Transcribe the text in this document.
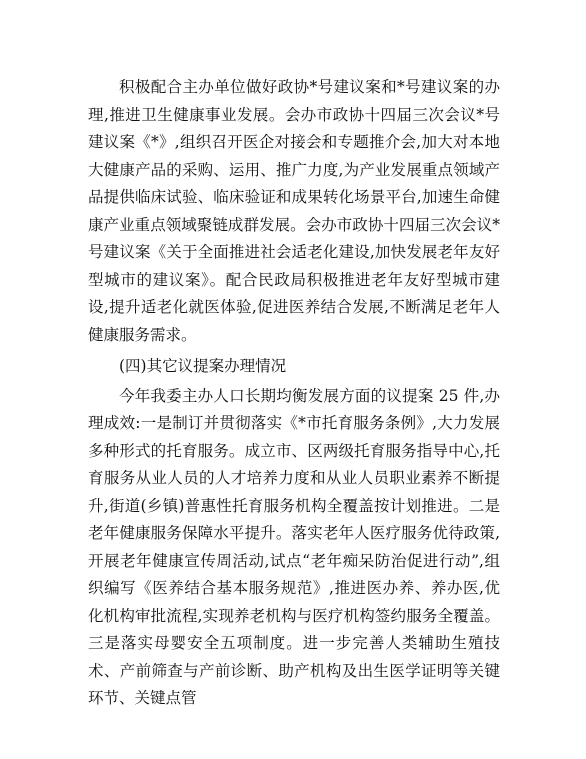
积极配合主办单位做好政协*号建议案和*号建议案的办理,推进卫生健康事业发展。会办市政协十四届三次会议*号建议案《*》,组织召开医企对接会和专题推介会,加大对本地大健康产品的采购、运用、推广力度,为产业发展重点领域产品提供临床试验、临床验证和成果转化场景平台,加速生命健康产业重点领域聚链成群发展。会办市政协十四届三次会议*号建议案《关于全面推进社会适老化建设,加快发展老年友好型城市的建议案》。配合民政局积极推进老年友好型城市建设,提升适老化就医体验,促进医养结合发展,不断满足老年人健康服务需求。

(四)其它议提案办理情况

今年我委主办人口长期均衡发展方面的议提案 25 件,办理成效:一是制订并贯彻落实《*市托育服务条例》,大力发展多种形式的托育服务。成立市、区两级托育服务指导中心,托育服务从业人员的人才培养力度和从业人员职业素养不断提升,街道(乡镇)普惠性托育服务机构全覆盖按计划推进。二是老年健康服务保障水平提升。落实老年人医疗服务优待政策,开展老年健康宣传周活动,试点“老年痴呆防治促进行动”,组织编写《医养结合基本服务规范》,推进医办养、养办医,优化机构审批流程,实现养老机构与医疗机构签约服务全覆盖。三是落实母婴安全五项制度。进一步完善人类辅助生殖技术、产前筛查与产前诊断、助产机构及出生医学证明等关键环节、关键点管
